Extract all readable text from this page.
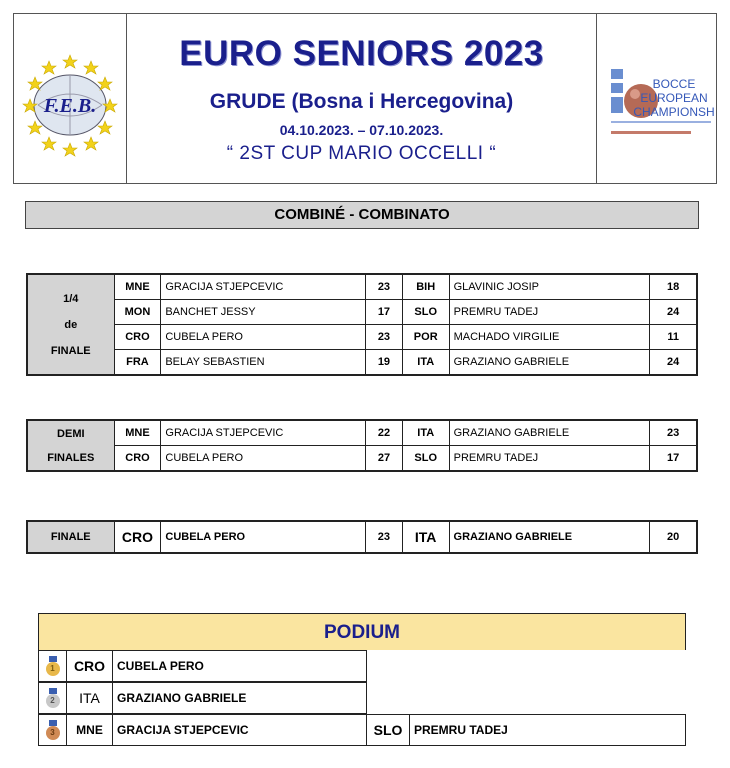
F.E.B.
BOCCE
EUROPEAN
CHAMPIONSH
EURO SENIORS 2023
GRUDE (Bosna i Hercegovina)
04.10.2023. – 07.10.2023.
“ 2ST CUP MARIO OCCELLI “
COMBINÉ - COMBINATO
1/4
de
FINALE	MNE	GRACIJA STJEPCEVIC	23	BIH	GLAVINIC JOSIP	18
	MON	BANCHET JESSY	17	SLO	PREMRU TADEJ	24
	CRO	CUBELA PERO	23	POR	MACHADO VIRGILIE	11
	FRA	BELAY SEBASTIEN	19	ITA	GRAZIANO GABRIELE	24
DEMI
FINALES	MNE	GRACIJA STJEPCEVIC	22	ITA	GRAZIANO GABRIELE	23
	CRO	CUBELA PERO	27	SLO	PREMRU TADEJ	17
FINALE	CRO	CUBELA PERO	23	ITA	GRAZIANO GABRIELE	20
PODIUM
1	CRO CUBELA PERO
2	ITA	GRAZIANO GABRIELE
3	MNE	GRACIJA STJEPCEVIC	SLO PREMRU TADEJ
